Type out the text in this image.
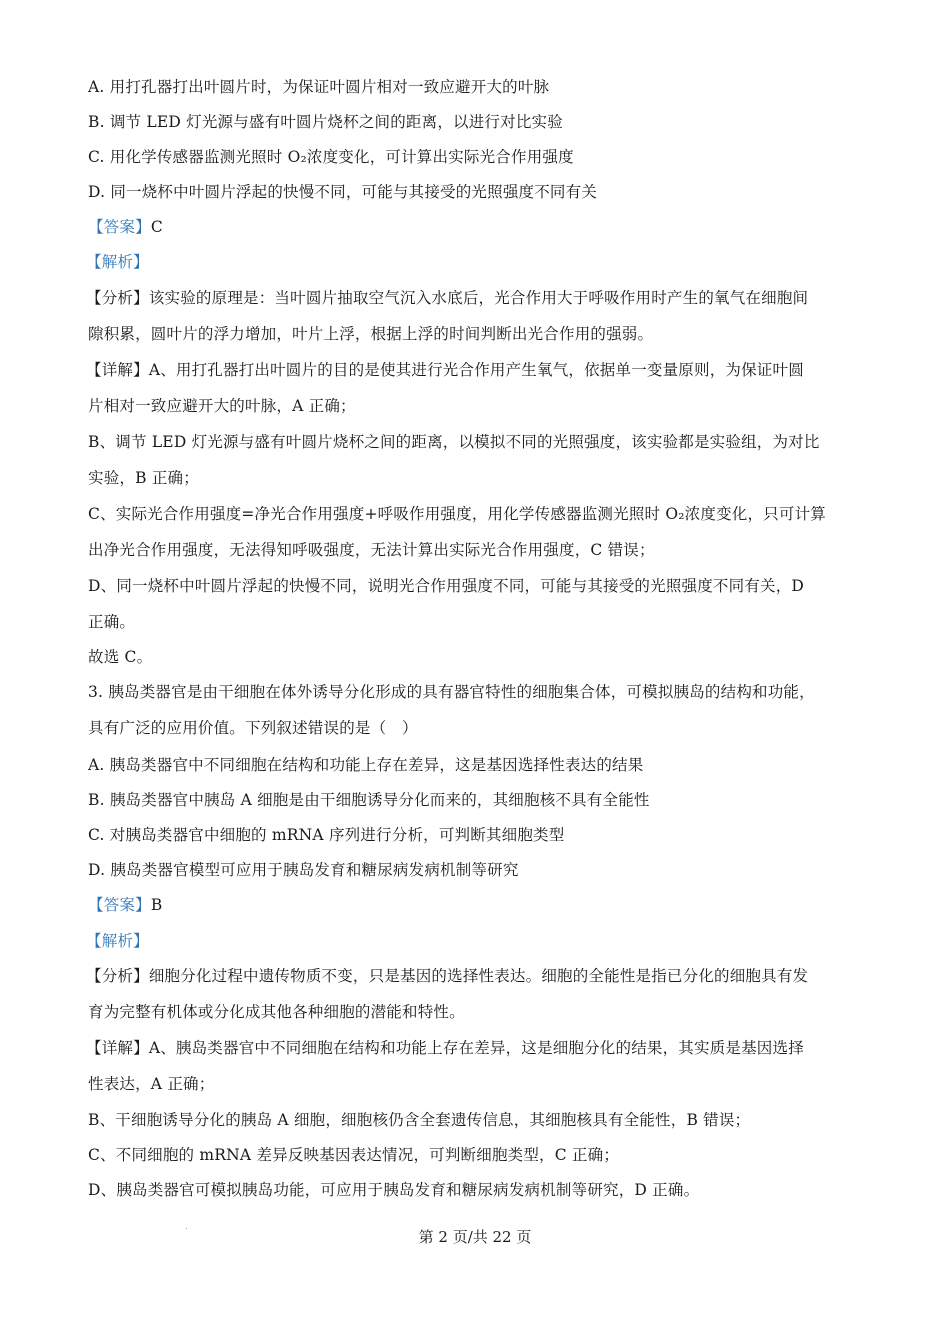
A. 用打孔器打出叶圆片时，为保证叶圆片相对一致应避开大的叶脉
B. 调节 LED 灯光源与盛有叶圆片烧杯之间的距离，以进行对比实验
C. 用化学传感器监测光照时 O₂浓度变化，可计算出实际光合作用强度
D. 同一烧杯中叶圆片浮起的快慢不同，可能与其接受的光照强度不同有关
【答案】C
【解析】
【分析】该实验的原理是：当叶圆片抽取空气沉入水底后，光合作用大于呼吸作用时产生的氧气在细胞间
隙积累，圆叶片的浮力增加，叶片上浮，根据上浮的时间判断出光合作用的强弱。
【详解】A、用打孔器打出叶圆片的目的是使其进行光合作用产生氧气，依据单一变量原则，为保证叶圆
片相对一致应避开大的叶脉，A 正确；
B、调节 LED 灯光源与盛有叶圆片烧杯之间的距离，以模拟不同的光照强度，该实验都是实验组，为对比
实验，B 正确；
C、实际光合作用强度=净光合作用强度+呼吸作用强度，用化学传感器监测光照时 O₂浓度变化，只可计算
出净光合作用强度，无法得知呼吸强度，无法计算出实际光合作用强度，C 错误；
D、同一烧杯中叶圆片浮起的快慢不同，说明光合作用强度不同，可能与其接受的光照强度不同有关，D
正确。
故选 C。
3. 胰岛类器官是由干细胞在体外诱导分化形成的具有器官特性的细胞集合体，可模拟胰岛的结构和功能，
具有广泛的应用价值。下列叙述错误的是（　）
A. 胰岛类器官中不同细胞在结构和功能上存在差异，这是基因选择性表达的结果
B. 胰岛类器官中胰岛 A 细胞是由干细胞诱导分化而来的，其细胞核不具有全能性
C. 对胰岛类器官中细胞的 mRNA 序列进行分析，可判断其细胞类型
D. 胰岛类器官模型可应用于胰岛发育和糖尿病发病机制等研究
【答案】B
【解析】
【分析】细胞分化过程中遗传物质不变，只是基因的选择性表达。细胞的全能性是指已分化的细胞具有发
育为完整有机体或分化成其他各种细胞的潜能和特性。
【详解】A、胰岛类器官中不同细胞在结构和功能上存在差异，这是细胞分化的结果，其实质是基因选择
性表达，A 正确；
B、干细胞诱导分化的胰岛 A 细胞，细胞核仍含全套遗传信息，其细胞核具有全能性，B 错误；
C、不同细胞的 mRNA 差异反映基因表达情况，可判断细胞类型，C 正确；
D、胰岛类器官可模拟胰岛功能，可应用于胰岛发育和糖尿病发病机制等研究，D 正确。
第 2 页/共 22 页
